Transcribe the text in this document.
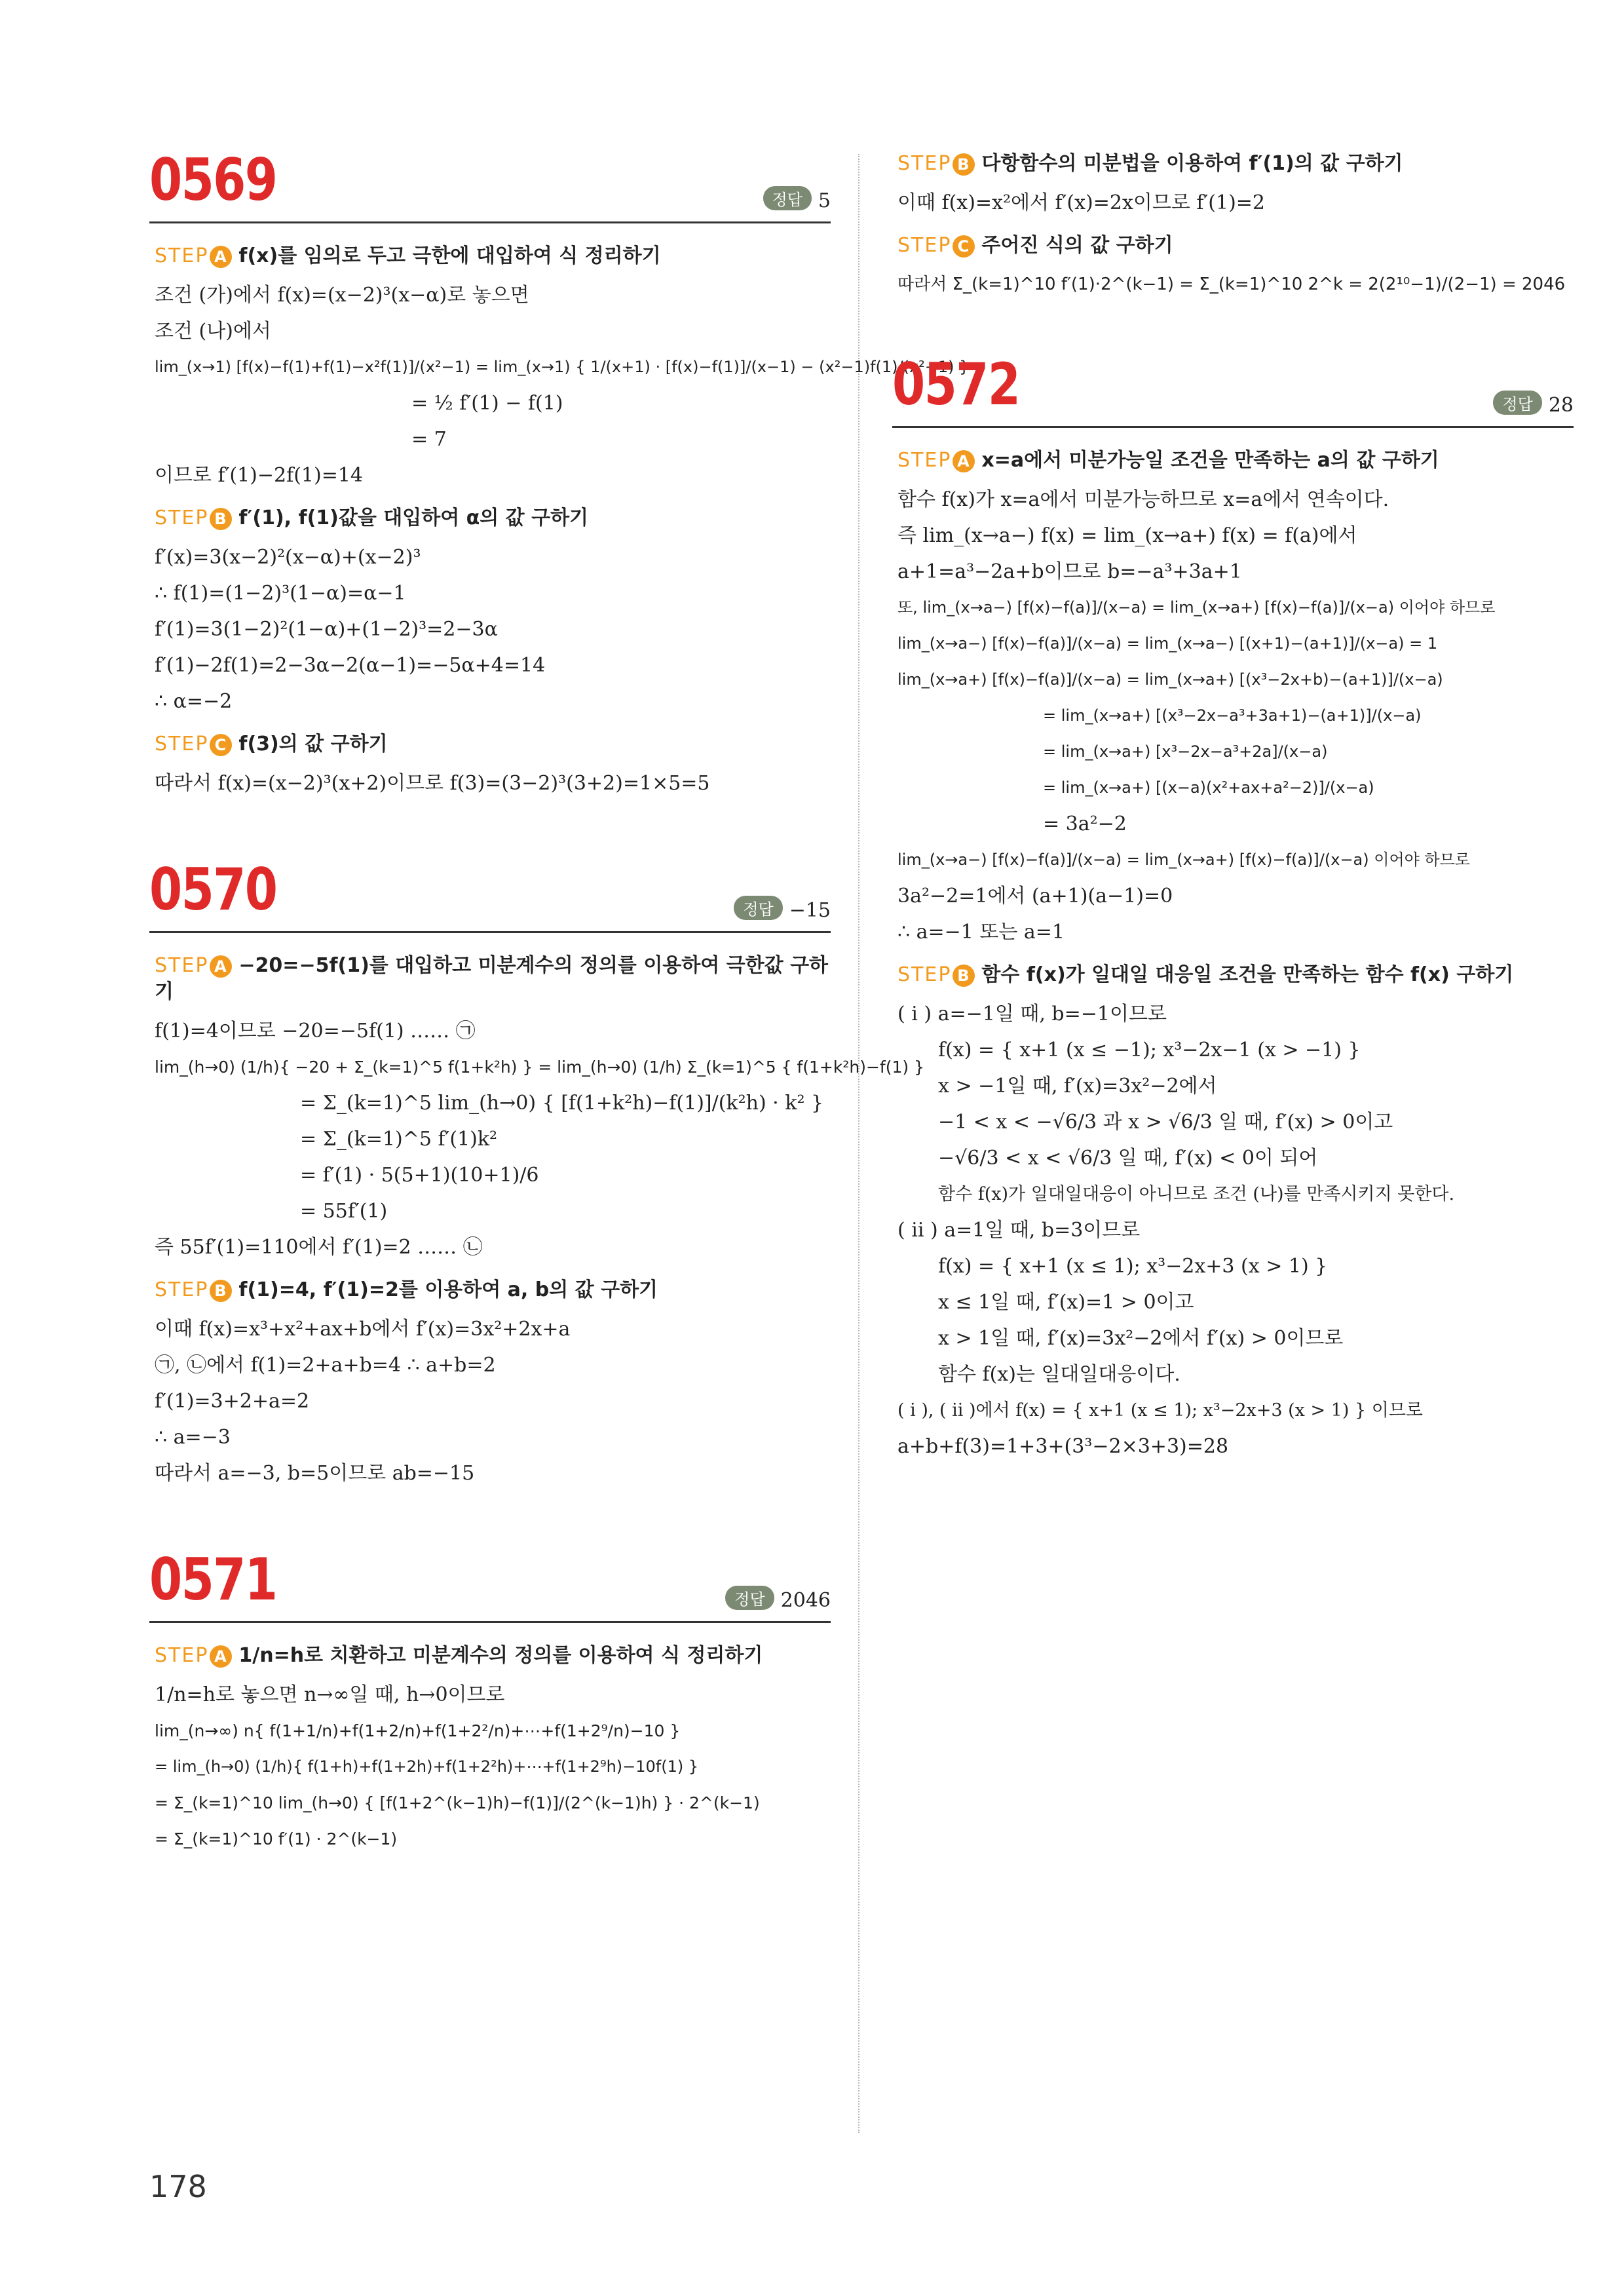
0569	정답 5
STEP A f(x)를 임의로 두고 극한에 대입하여 식 정리하기
조건 (가)에서 f(x)=(x−2)³(x−α)로 놓으면
조건 (나)에서
lim_(x→1) [f(x)−f(1)+f(1)−x²f(1)]/(x²−1) = lim_(x→1) { 1/(x+1) · [f(x)−f(1)]/(x−1) − (x²−1)f(1)/(x²−1) }
= ½ f′(1) − f(1)
= 7
이므로 f′(1)−2f(1)=14
STEP B f′(1), f(1)값을 대입하여 α의 값 구하기
f′(x)=3(x−2)²(x−α)+(x−2)³
∴ f(1)=(1−2)³(1−α)=α−1
f′(1)=3(1−2)²(1−α)+(1−2)³=2−3α
f′(1)−2f(1)=2−3α−2(α−1)=−5α+4=14
∴ α=−2
STEP C f(3)의 값 구하기
따라서 f(x)=(x−2)³(x+2)이므로 f(3)=(3−2)³(3+2)=1×5=5
0570	정답 −15
STEP A −20=−5f(1)를 대입하고 미분계수의 정의를 이용하여 극한값 구하기
f(1)=4이므로 −20=−5f(1) …… ㉠
lim_(h→0) (1/h){ −20 + Σ_(k=1)^5 f(1+k²h) } = lim_(h→0) (1/h) Σ_(k=1)^5 { f(1+k²h)−f(1) }
= Σ_(k=1)^5 lim_(h→0) { [f(1+k²h)−f(1)]/(k²h) · k² }
= Σ_(k=1)^5 f′(1)k²
= f′(1) · 5(5+1)(10+1)/6
= 55f′(1)
즉 55f′(1)=110에서 f′(1)=2 …… ㉡
STEP B f(1)=4, f′(1)=2를 이용하여 a, b의 값 구하기
이때 f(x)=x³+x²+ax+b에서 f′(x)=3x²+2x+a
㉠, ㉡에서 f(1)=2+a+b=4 ∴ a+b=2
f′(1)=3+2+a=2
∴ a=−3
따라서 a=−3, b=5이므로 ab=−15
0571	정답 2046
STEP A 1/n=h로 치환하고 미분계수의 정의를 이용하여 식 정리하기
1/n=h로 놓으면 n→∞일 때, h→0이므로
lim_(n→∞) n{ f(1+1/n)+f(1+2/n)+f(1+2²/n)+⋯+f(1+2⁹/n)−10 }
= lim_(h→0) (1/h){ f(1+h)+f(1+2h)+f(1+2²h)+⋯+f(1+2⁹h)−10f(1) }
= Σ_(k=1)^10 lim_(h→0) { [f(1+2^(k−1)h)−f(1)]/(2^(k−1)h) } · 2^(k−1)
= Σ_(k=1)^10 f′(1) · 2^(k−1)
STEP B 다항함수의 미분법을 이용하여 f′(1)의 값 구하기
이때 f(x)=x²에서 f′(x)=2x이므로 f′(1)=2
STEP C 주어진 식의 값 구하기
따라서 Σ_(k=1)^10 f′(1)·2^(k−1) = Σ_(k=1)^10 2^k = 2(2¹⁰−1)/(2−1) = 2046
0572	정답 28
STEP A x=a에서 미분가능일 조건을 만족하는 a의 값 구하기
함수 f(x)가 x=a에서 미분가능하므로 x=a에서 연속이다.
즉 lim_(x→a−) f(x) = lim_(x→a+) f(x) = f(a)에서
a+1=a³−2a+b이므로 b=−a³+3a+1
또, lim_(x→a−) [f(x)−f(a)]/(x−a) = lim_(x→a+) [f(x)−f(a)]/(x−a) 이어야 하므로
lim_(x→a−) [f(x)−f(a)]/(x−a) = lim_(x→a−) [(x+1)−(a+1)]/(x−a) = 1
lim_(x→a+) [f(x)−f(a)]/(x−a) = lim_(x→a+) [(x³−2x+b)−(a+1)]/(x−a)
= lim_(x→a+) [(x³−2x−a³+3a+1)−(a+1)]/(x−a)
= lim_(x→a+) [x³−2x−a³+2a]/(x−a)
= lim_(x→a+) [(x−a)(x²+ax+a²−2)]/(x−a)
= 3a²−2
lim_(x→a−) [f(x)−f(a)]/(x−a) = lim_(x→a+) [f(x)−f(a)]/(x−a) 이어야 하므로
3a²−2=1에서 (a+1)(a−1)=0
∴ a=−1 또는 a=1
STEP B 함수 f(x)가 일대일 대응일 조건을 만족하는 함수 f(x) 구하기
( i ) a=−1일 때, b=−1이므로
f(x) = { x+1 (x ≤ −1); x³−2x−1 (x > −1) }
x > −1일 때, f′(x)=3x²−2에서
−1 < x < −√6/3 과 x > √6/3 일 때, f′(x) > 0이고
−√6/3 < x < √6/3 일 때, f′(x) < 0이 되어
함수 f(x)가 일대일대응이 아니므로 조건 (나)를 만족시키지 못한다.
( ii ) a=1일 때, b=3이므로
f(x) = { x+1 (x ≤ 1); x³−2x+3 (x > 1) }
x ≤ 1일 때, f′(x)=1 > 0이고
x > 1일 때, f′(x)=3x²−2에서 f′(x) > 0이므로
함수 f(x)는 일대일대응이다.
( i ), ( ii )에서 f(x) = { x+1 (x ≤ 1); x³−2x+3 (x > 1) } 이므로
a+b+f(3)=1+3+(3³−2×3+3)=28
178
